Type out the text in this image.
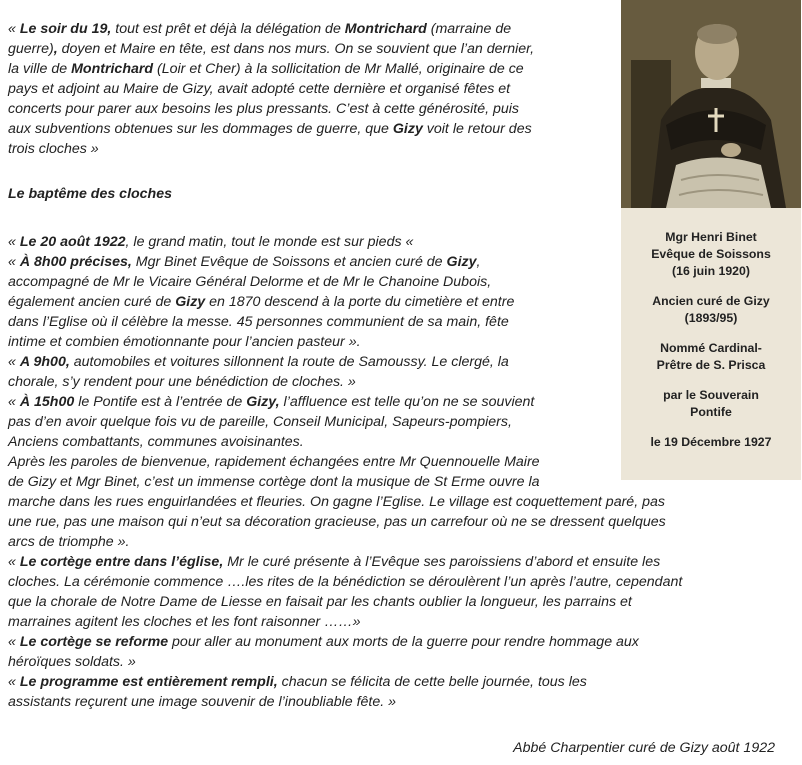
« Le soir du 19, tout est prêt et déjà la délégation de Montrichard (marraine de
guerre), doyen et Maire en tête, est dans nos murs. On se souvient que l’an dernier,
la ville de Montrichard (Loir et Cher) à la sollicitation de Mr Mallé, originaire de ce
pays et adjoint au Maire de Gizy, avait adopté cette dernière et organisé fêtes et
concerts pour parer aux besoins les plus pressants. C’est à cette générosité, puis
aux subventions obtenues sur les dommages de guerre, que Gizy voit le retour des
trois cloches »
Le baptême des cloches
« Le 20 août 1922, le grand matin, tout le monde est sur pieds «
« À 8h00 précises, Mgr Binet Evêque de Soissons et ancien curé de Gizy,
accompagné de Mr le Vicaire Général Delorme et de Mr le Chanoine Dubois,
également ancien curé de Gizy en 1870 descend à la porte du cimetière et entre
dans l’Eglise où il célèbre la messe. 45 personnes communient de sa main, fête
intime et combien émotionnante pour l’ancien pasteur ».
« A 9h00, automobiles et voitures sillonnent la route de Samoussy. Le clergé, la
chorale, s’y rendent pour une bénédiction de cloches. »
« À 15h00 le Pontife est à l’entrée de Gizy, l’affluence est telle qu’on ne se souvient
pas d’en avoir quelque fois vu de pareille, Conseil Municipal, Sapeurs-pompiers,
Anciens combattants, communes avoisinantes.
Après les paroles de bienvenue, rapidement échangées entre Mr Quennouelle Maire
de Gizy et Mgr Binet, c’est un immense cortège dont la musique de St Erme ouvre la
marche dans les rues enguirlandées et fleuries. On gagne l’Eglise. Le village est coquettement paré, pas
une rue, pas une maison qui n’eut sa décoration gracieuse, pas un carrefour où ne se dressent quelques
arcs de triomphe ».
« Le cortège entre dans l’église, Mr le curé présente à l’Evêque ses paroissiens d’abord et ensuite les
cloches. La cérémonie commence ….les rites de la bénédiction se déroulèrent l’un après l’autre, cependant
que la chorale de Notre Dame de Liesse en faisait par les chants oublier la longueur, les parrains et
marraines agitent les cloches et les font raisonner ……»
« Le cortège se reforme pour aller au monument aux morts de la guerre pour rendre hommage aux
héroïques soldats. »
« Le programme est entièrement rempli, chacun se félicita de cette belle journée, tous les
assistants reçurent une image souvenir de l’inoubliable fête. »
Abbé Charpentier curé de Gizy août 1922
Mgr Henri Binet
Evêque de Soissons
(16 juin 1920)
Ancien curé de Gizy
(1893/95)
Nommé Cardinal-
Prêtre de S. Prisca
par le Souverain
Pontife
le 19 Décembre 1927
